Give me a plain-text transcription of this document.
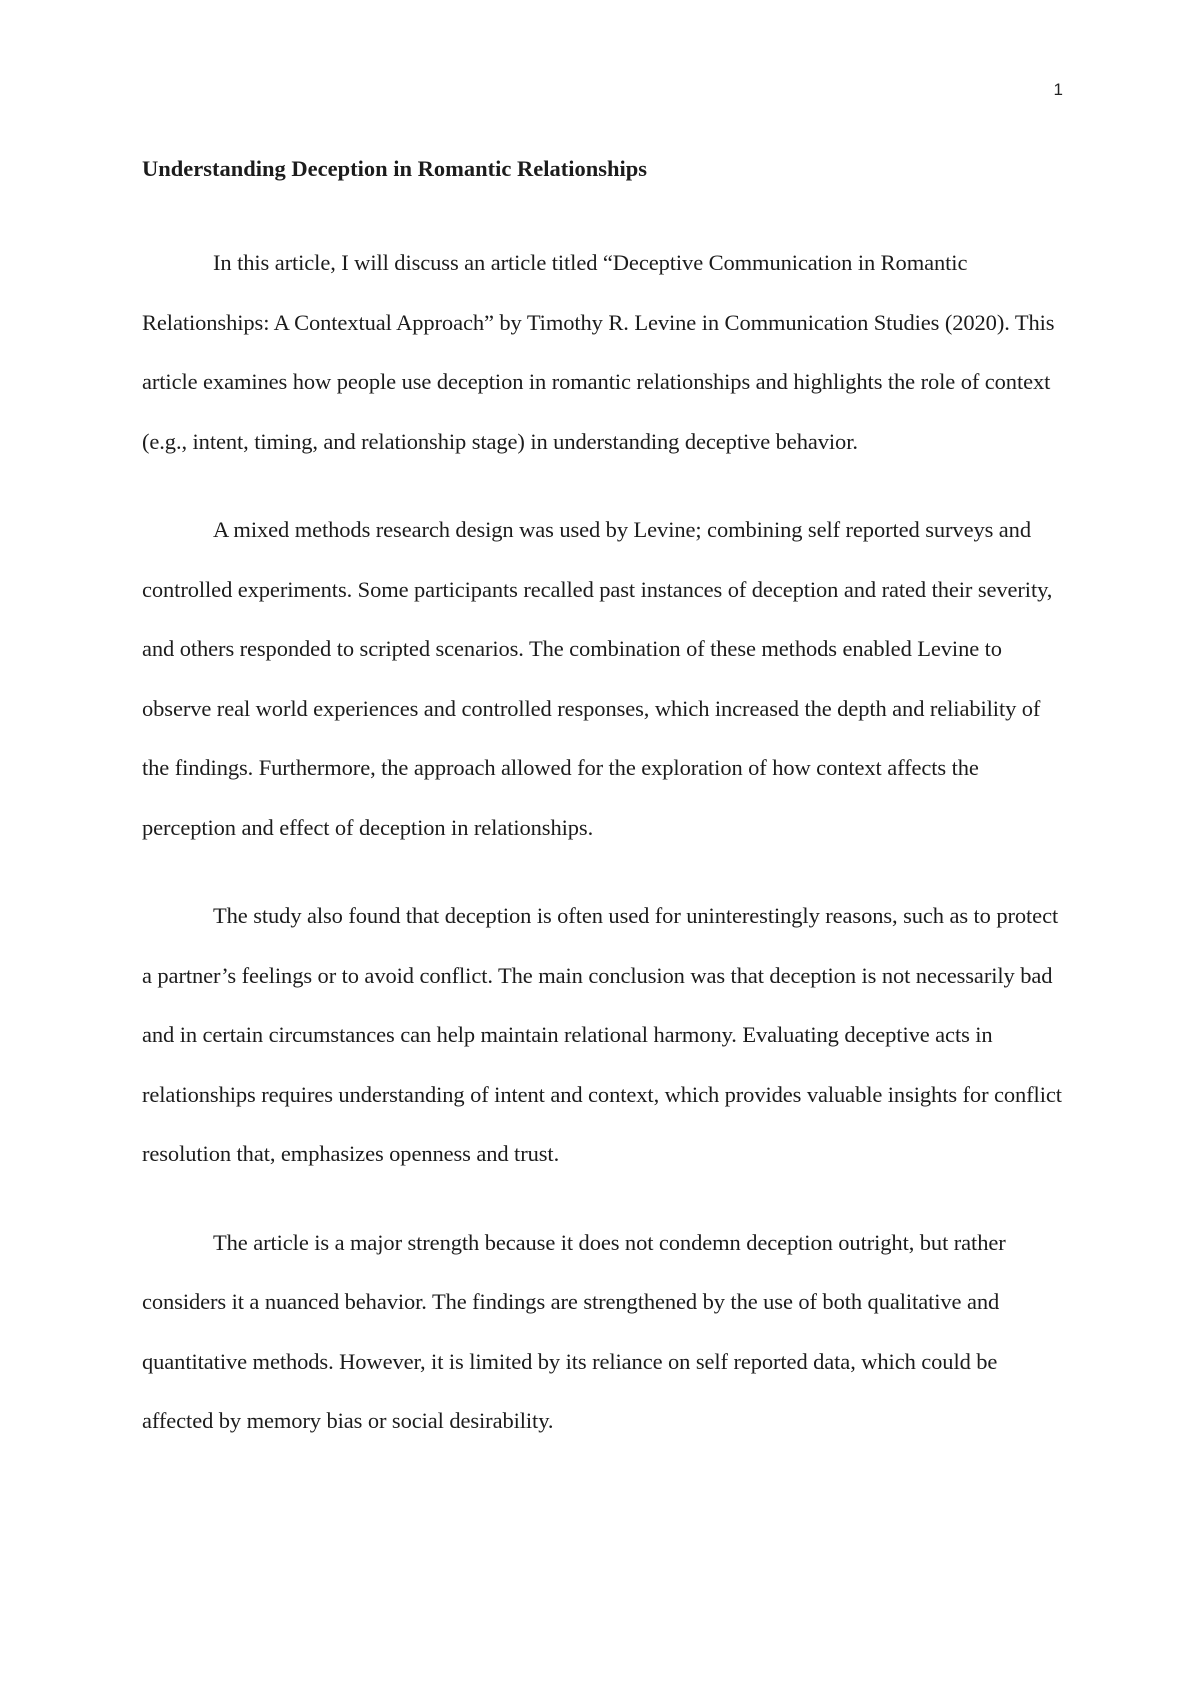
1
Understanding Deception in Romantic Relationships

In this article, I will discuss an article titled “Deceptive Communication in Romantic Relationships: A Contextual Approach” by Timothy R. Levine in Communication Studies (2020). This article examines how people use deception in romantic relationships and highlights the role of context (e.g., intent, timing, and relationship stage) in understanding deceptive behavior.

A mixed methods research design was used by Levine; combining self reported surveys and controlled experiments. Some participants recalled past instances of deception and rated their severity, and others responded to scripted scenarios. The combination of these methods enabled Levine to observe real world experiences and controlled responses, which increased the depth and reliability of the findings. Furthermore, the approach allowed for the exploration of how context affects the perception and effect of deception in relationships.

The study also found that deception is often used for uninterestingly reasons, such as to protect a partner’s feelings or to avoid conflict. The main conclusion was that deception is not necessarily bad and in certain circumstances can help maintain relational harmony. Evaluating deceptive acts in relationships requires understanding of intent and context, which provides valuable insights for conflict resolution that, emphasizes openness and trust.

The article is a major strength because it does not condemn deception outright, but rather considers it a nuanced behavior. The findings are strengthened by the use of both qualitative and quantitative methods. However, it is limited by its reliance on self reported data, which could be affected by memory bias or social desirability.
